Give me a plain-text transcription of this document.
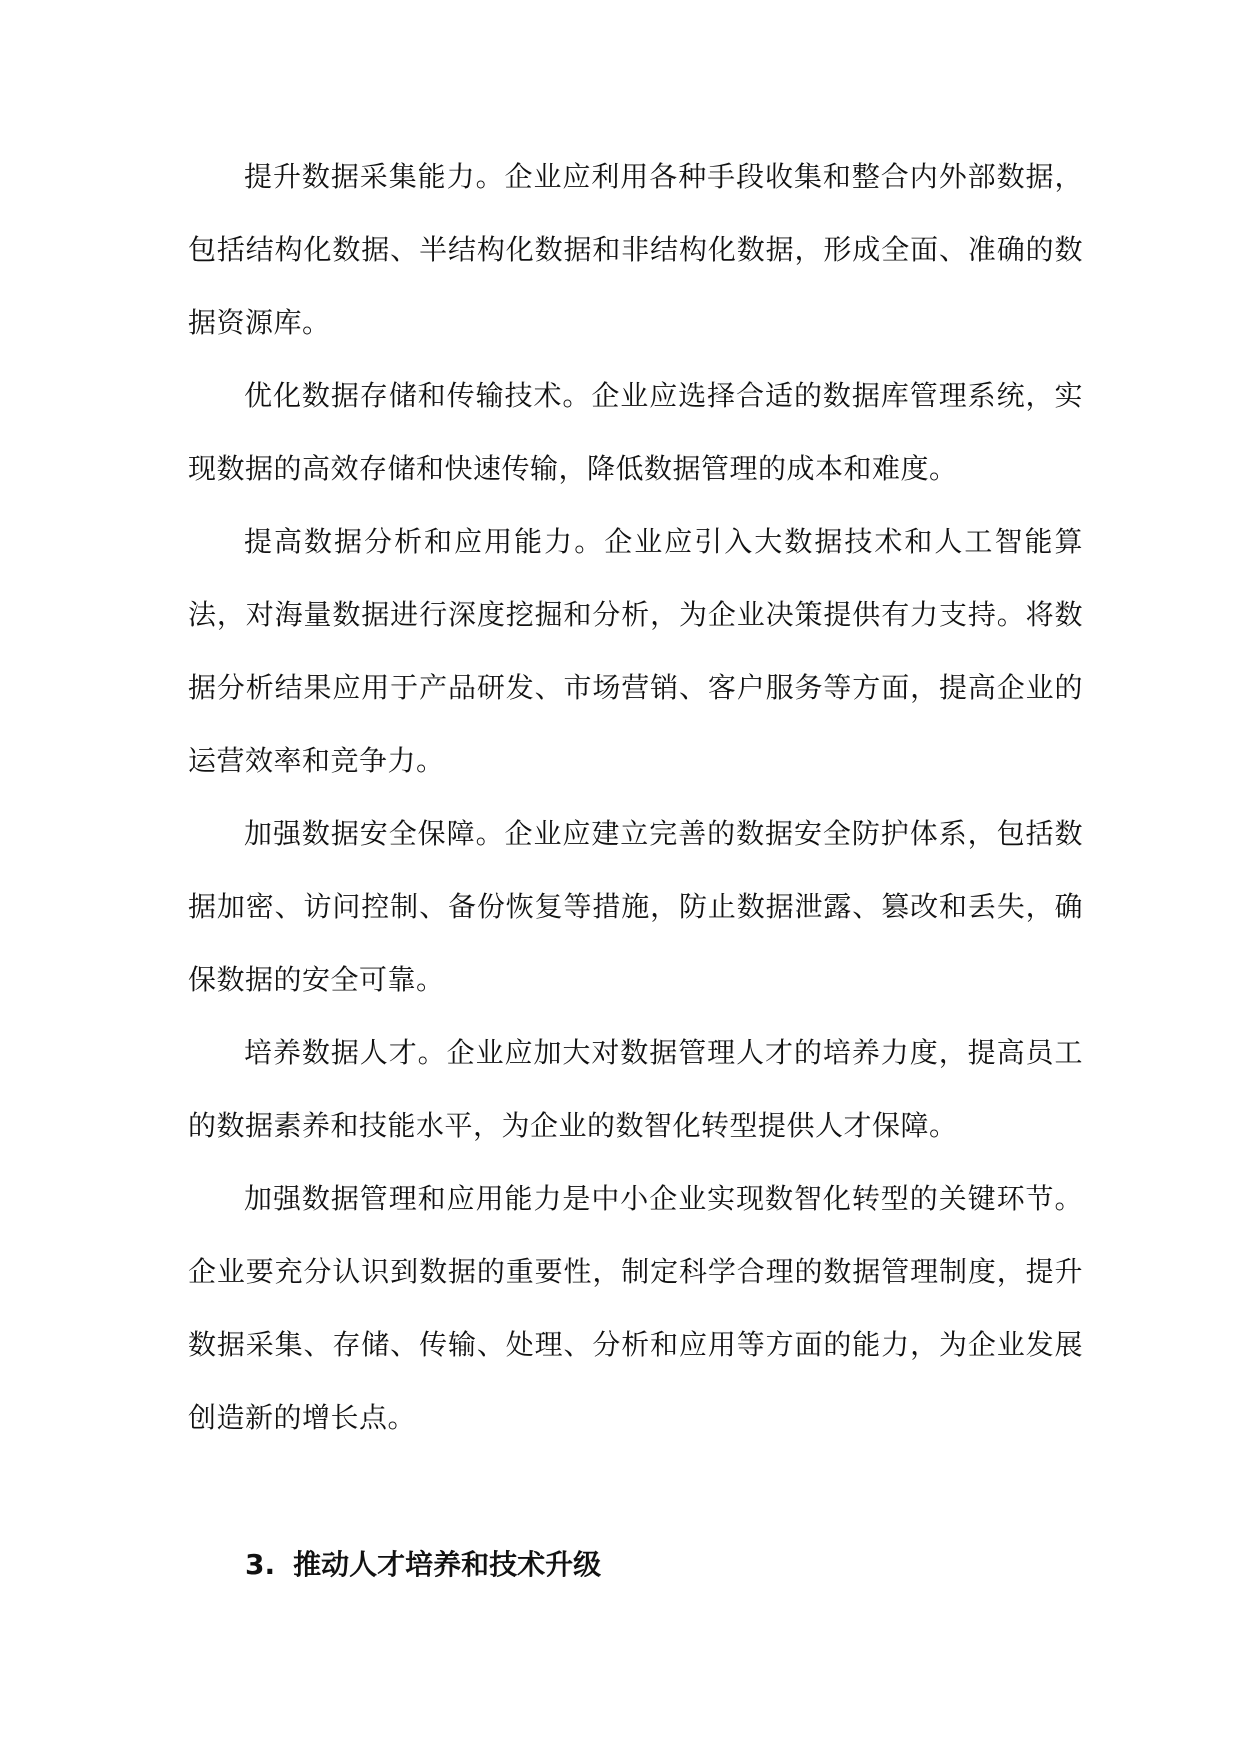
提升数据采集能力。企业应利用各种手段收集和整合内外部数据，包括结构化数据、半结构化数据和非结构化数据，形成全面、准确的数据资源库。

优化数据存储和传输技术。企业应选择合适的数据库管理系统，实现数据的高效存储和快速传输，降低数据管理的成本和难度。

提高数据分析和应用能力。企业应引入大数据技术和人工智能算法，对海量数据进行深度挖掘和分析，为企业决策提供有力支持。将数据分析结果应用于产品研发、市场营销、客户服务等方面，提高企业的运营效率和竞争力。

加强数据安全保障。企业应建立完善的数据安全防护体系，包括数据加密、访问控制、备份恢复等措施，防止数据泄露、篡改和丢失，确保数据的安全可靠。

培养数据人才。企业应加大对数据管理人才的培养力度，提高员工的数据素养和技能水平，为企业的数智化转型提供人才保障。

加强数据管理和应用能力是中小企业实现数智化转型的关键环节。企业要充分认识到数据的重要性，制定科学合理的数据管理制度，提升数据采集、存储、传输、处理、分析和应用等方面的能力，为企业发展创造新的增长点。

3. 推动人才培养和技术升级
